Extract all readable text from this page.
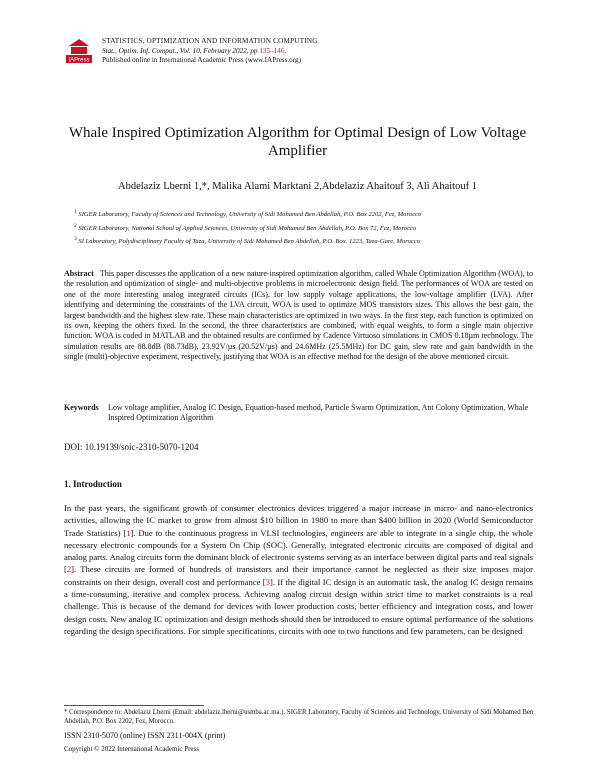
IAPress
STATISTICS, OPTIMIZATION AND INFORMATION COMPUTING
Stat., Optim. Inf. Comput., Vol. 10, February 2022, pp 135–146.
Published online in International Academic Press (www.IAPress.org)
Whale Inspired Optimization Algorithm for Optimal Design of Low Voltage
Amplifier
Abdelaziz Lberni 1,*, Malika Alami Marktani 2,Abdelaziz Ahaitouf 3, Ali Ahaitouf 1
$^1$ SIGER Laboratory, Faculty of Sciences and Technology, University of Sidi Mohamed Ben Abdellah, P.O. Box 2202, Fez, Morocco
$^2$ SIGER Laboratory, National School of Applied Sciences, University of Sidi Mohamed Ben Abdellah, P.O. Box 72, Fez, Morocco
$^3$ SI Laboratory, Polydisciplinary Faculty of Taza, University of Sidi Mohamed Ben Abdellah, P.O. Box. 1223, Taza-Gare, Morocco
Abstract This paper discusses the application of a new nature-inspired optimization algorithm, called Whale Optimization Algorithm (WOA), to the resolution and optimization of single- and multi-objective problems in microelectronic design field. The performances of WOA are tested on one of the more interesting analog integrated circuits (ICs), for low supply voltage applications, the low-voltage amplifier (LVA). After identifying and determining the constraints of the LVA circuit, WOA is used to optimize MOS transistors sizes. This allows the best gain, the largest bandwidth and the highest slew rate. These main characteristics are optimized in two ways. In the first step, each function is optimized on its own, keeping the others fixed. In the second, the three characteristics are combined, with equal weights, to form a single main objective function. WOA is coded in MATLAB and the obtained results are confirmed by Cadence Virtuoso simulations in CMOS 0.18µm technology. The simulation results are 88.8dB (88.73dB), 23.92V/µs (20.52V/µs) and 24.6MHz (25.5MHz) for DC gain, slew rate and gain bandwidth in the single (multi)-objective experiment, respectively, justifying that WOA is an effective method for the design of the above mentioned circuit.
Keywords Low voltage amplifier, Analog IC Design, Equation-based method, Particle Swarm Optimization, Ant Colony Optimization, Whale Inspired Optimization Algorithm
DOI: 10.19139/soic-2310-5070-1204
1. Introduction
In the past years, the significant growth of consumer electronics devices triggered a major increase in micro- and nano-electronics activities, allowing the IC market to grow from almost $10 billion in 1980 to more than $400 billion in 2020 (World Semiconductor Trade Statistics) [1]. Due to the continuous progress in VLSI technologies, engineers are able to integrate in a single chip, the whole necessary electronic compounds for a System On Chip (SOC). Generally, integrated electronic circuits are composed of digital and analog parts. Analog circuits form the dominant block of electronic systems serving as an interface between digital parts and real signals [2]. These circuits are formed of hundreds of transistors and their importance cannot be neglected as their size imposes major constraints on their design, overall cost and performance [3]. If the digital IC design is an automatic task, the analog IC design remains a time-consuming, iterative and complex process. Achieving analog circuit design within strict time to market constraints is a real challenge. This is because of the demand for devices with lower production costs, better efficiency and integration costs, and lower design costs. New analog IC optimization and design methods should then be introduced to ensure optimal performance of the solutions regarding the design specifications. For simple specifications, circuits with one to two functions and few parameters, can be designed
* Correspondence to: Abdelaziz Lberni (Email: abdelaziz.lberni@usmba.ac.ma.). SIGER Laboratory, Faculty of Sciences and Technology, University of Sidi Mohamed Ben Abdellah, P.O. Box 2202, Fez, Morocco.
ISSN 2310-5070 (online) ISSN 2311-004X (print)
Copyright © 2022 International Academic Press
